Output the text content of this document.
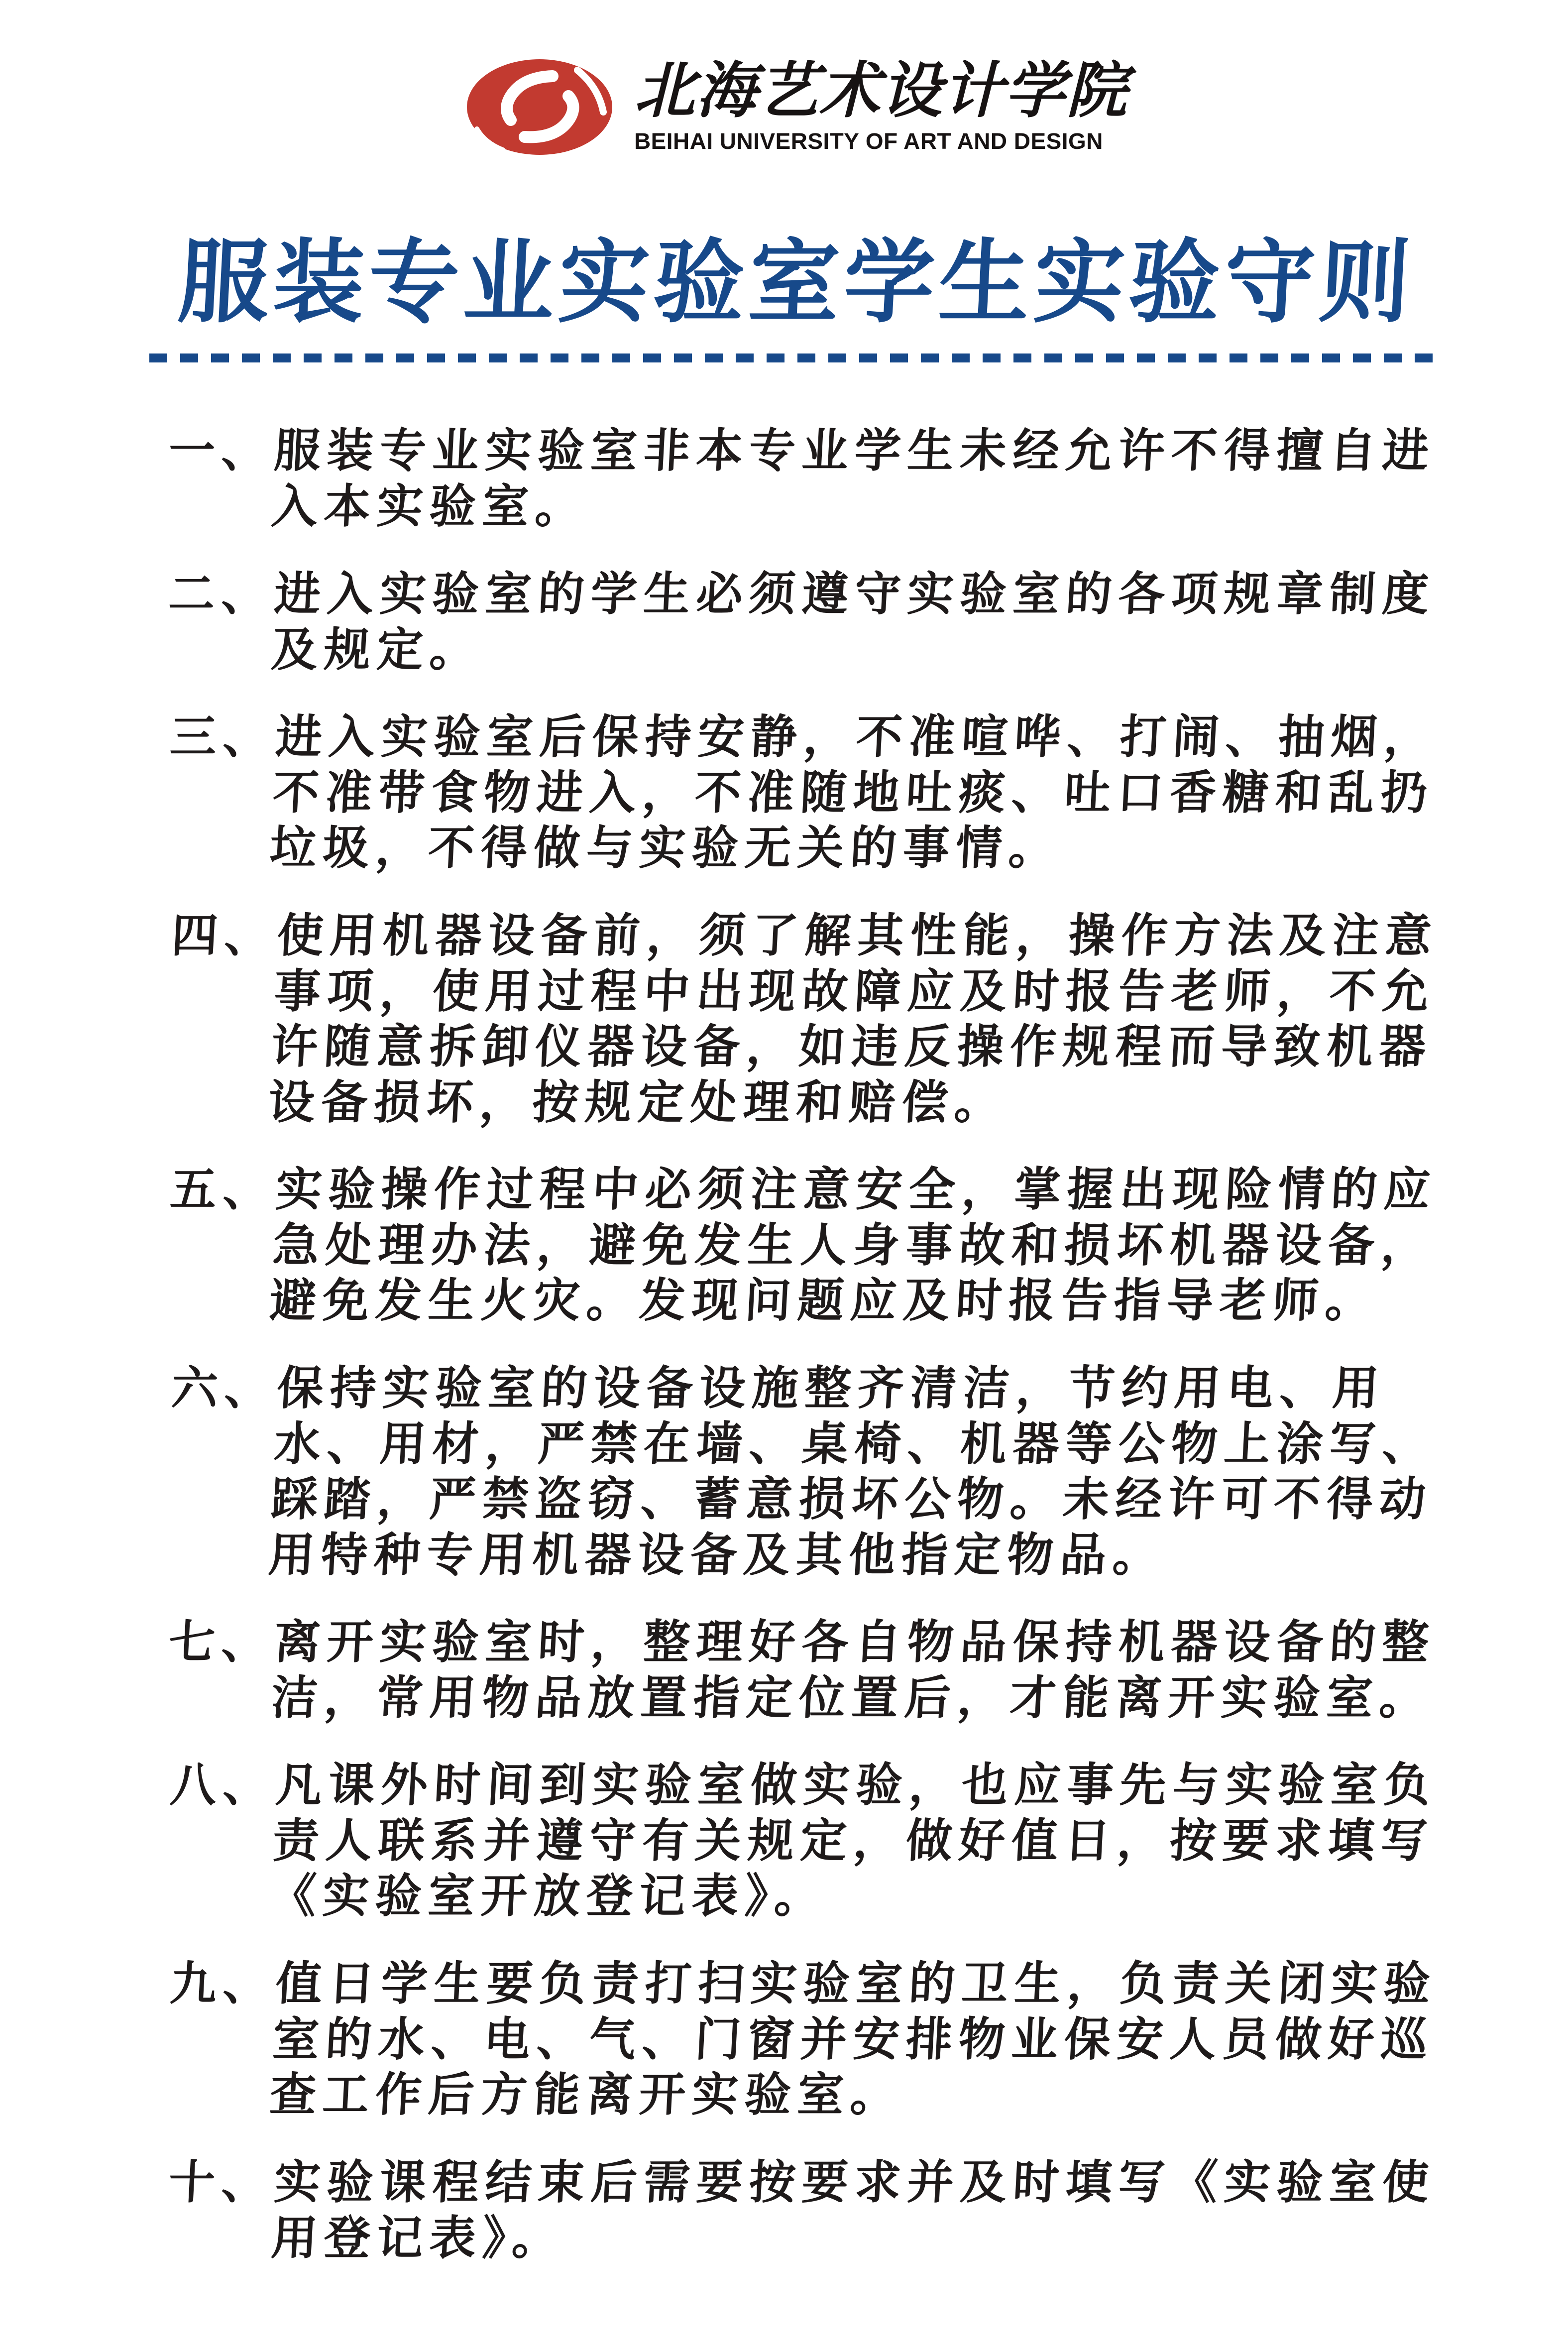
北海艺术设计学院
BEIHAI UNIVERSITY OF ART AND DESIGN
服装专业实验室学生实验守则
一、
服装专业实验室非本专业学生未经允许不得擅自进
入本实验室。
二、
进入实验室的学生必须遵守实验室的各项规章制度
及规定。
三、
进入实验室后保持安静，不准喧哗、打闹、抽烟，
不准带食物进入，不准随地吐痰、吐口香糖和乱扔
垃圾，不得做与实验无关的事情。
四、
使用机器设备前，须了解其性能，操作方法及注意
事项，使用过程中出现故障应及时报告老师，不允
许随意拆卸仪器设备，如违反操作规程而导致机器
设备损坏，按规定处理和赔偿。
五、
实验操作过程中必须注意安全，掌握出现险情的应
急处理办法，避免发生人身事故和损坏机器设备，
避免发生火灾。发现问题应及时报告指导老师。
六、
保持实验室的设备设施整齐清洁，节约用电、用
水、用材，严禁在墙、桌椅、机器等公物上涂写、
踩踏，严禁盗窃、蓄意损坏公物。未经许可不得动
用特种专用机器设备及其他指定物品。
七、
离开实验室时，整理好各自物品保持机器设备的整
洁，常用物品放置指定位置后，才能离开实验室。
八、
凡课外时间到实验室做实验，也应事先与实验室负
责人联系并遵守有关规定，做好值日，按要求填写
《实验室开放登记表》。
九、
值日学生要负责打扫实验室的卫生，负责关闭实验
室的水、电、气、门窗并安排物业保安人员做好巡
查工作后方能离开实验室。
十、
实验课程结束后需要按要求并及时填写《实验室使
用登记表》。
